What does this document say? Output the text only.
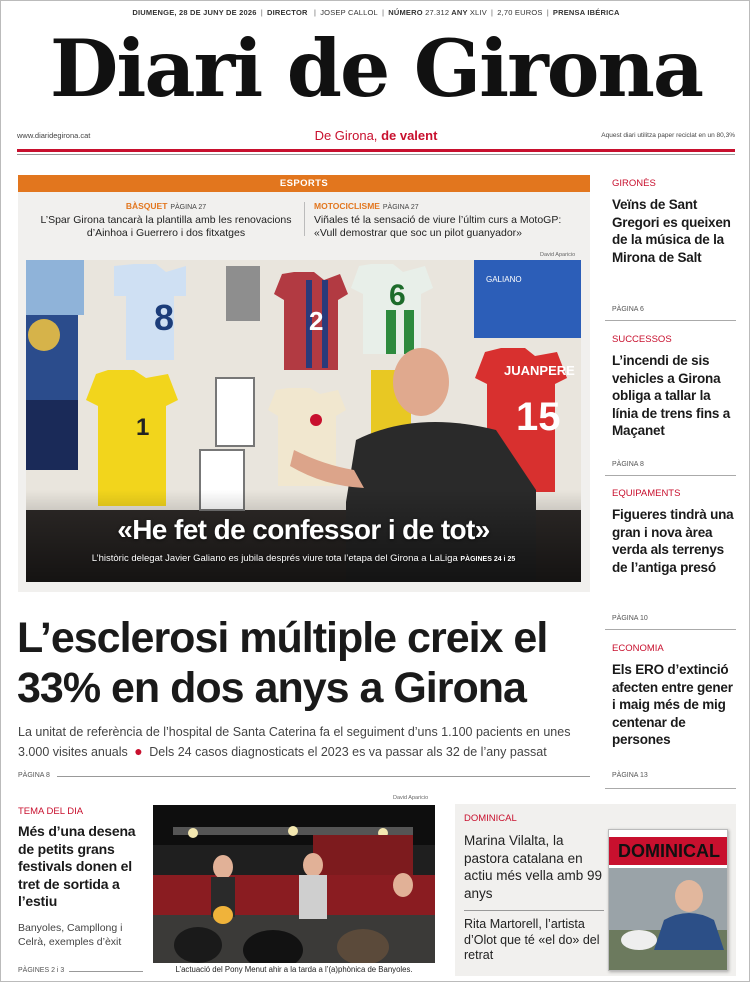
DIUMENGE, 28 DE JUNY DE 2026 | DIRECTOR | JOSEP CALLOL | NÚMERO 27.312 ANY XLIV | 2,70 EUROS | PRENSA IBÉRICA
Diari de Girona
www.diaridegirona.cat	De Girona, de valent	Aquest diari utilitza paper reciclat en un 80,3%
ESPORTS
BÀSQUET PÀGINA 27
L’Spar Girona tancarà la plantilla amb les renovacions d’Ainhoa i Guerrero i dos fitxatges
MOTOCICLISME PÀGINA 27
Viñales té la sensació de viure l’últim curs a MotoGP: «Vull demostrar que soc un pilot guanyador»
David Aparicio
8	2
6	GALIANO
1
JUANPERE
15
«He fet de confessor i de tot»
L’històric delegat Javier Galiano es jubila després viure tota l’etapa del Girona a LaLiga PÀGINES 24 i 25
L’esclerosi múltiple creix el 33% en dos anys a Girona
La unitat de referència de l’hospital de Santa Caterina fa el seguiment d’uns 1.100 pacients en unes 3.000 visites anuals ● Dels 24 casos diagnosticats el 2023 es va passar als 32 de l’any passat
PÀGINA 8
GIRONÈS
Veïns de Sant Gregori es queixen de la música de la Mirona de Salt
PÀGINA 6
SUCCESSOS
L’incendi de sis vehicles a Girona obliga a tallar la línia de trens fins a Maçanet
PÀGINA 8
EQUIPAMENTS
Figueres tindrà una gran i nova àrea verda als terrenys de l’antiga presó
PÀGINA 10
ECONOMIA
Els ERO d’extinció afecten entre gener i maig més de mig centenar de persones
PÀGINA 13
TEMA DEL DIA
Més d’una desena de petits grans festivals donen el tret de sortida a l’estiu
Banyoles, Campllong i Celrà, exemples d’èxit
PÀGINES 2 i 3
David Aparicio
L’actuació del Pony Menut ahir a la tarda a l’(a)phònica de Banyoles.
DOMINICAL
Marina Vilalta, la pastora catalana en actiu més vella amb 99 anys
Rita Martorell, l’artista d’Olot que té «el do» del retrat
DOMINICAL
